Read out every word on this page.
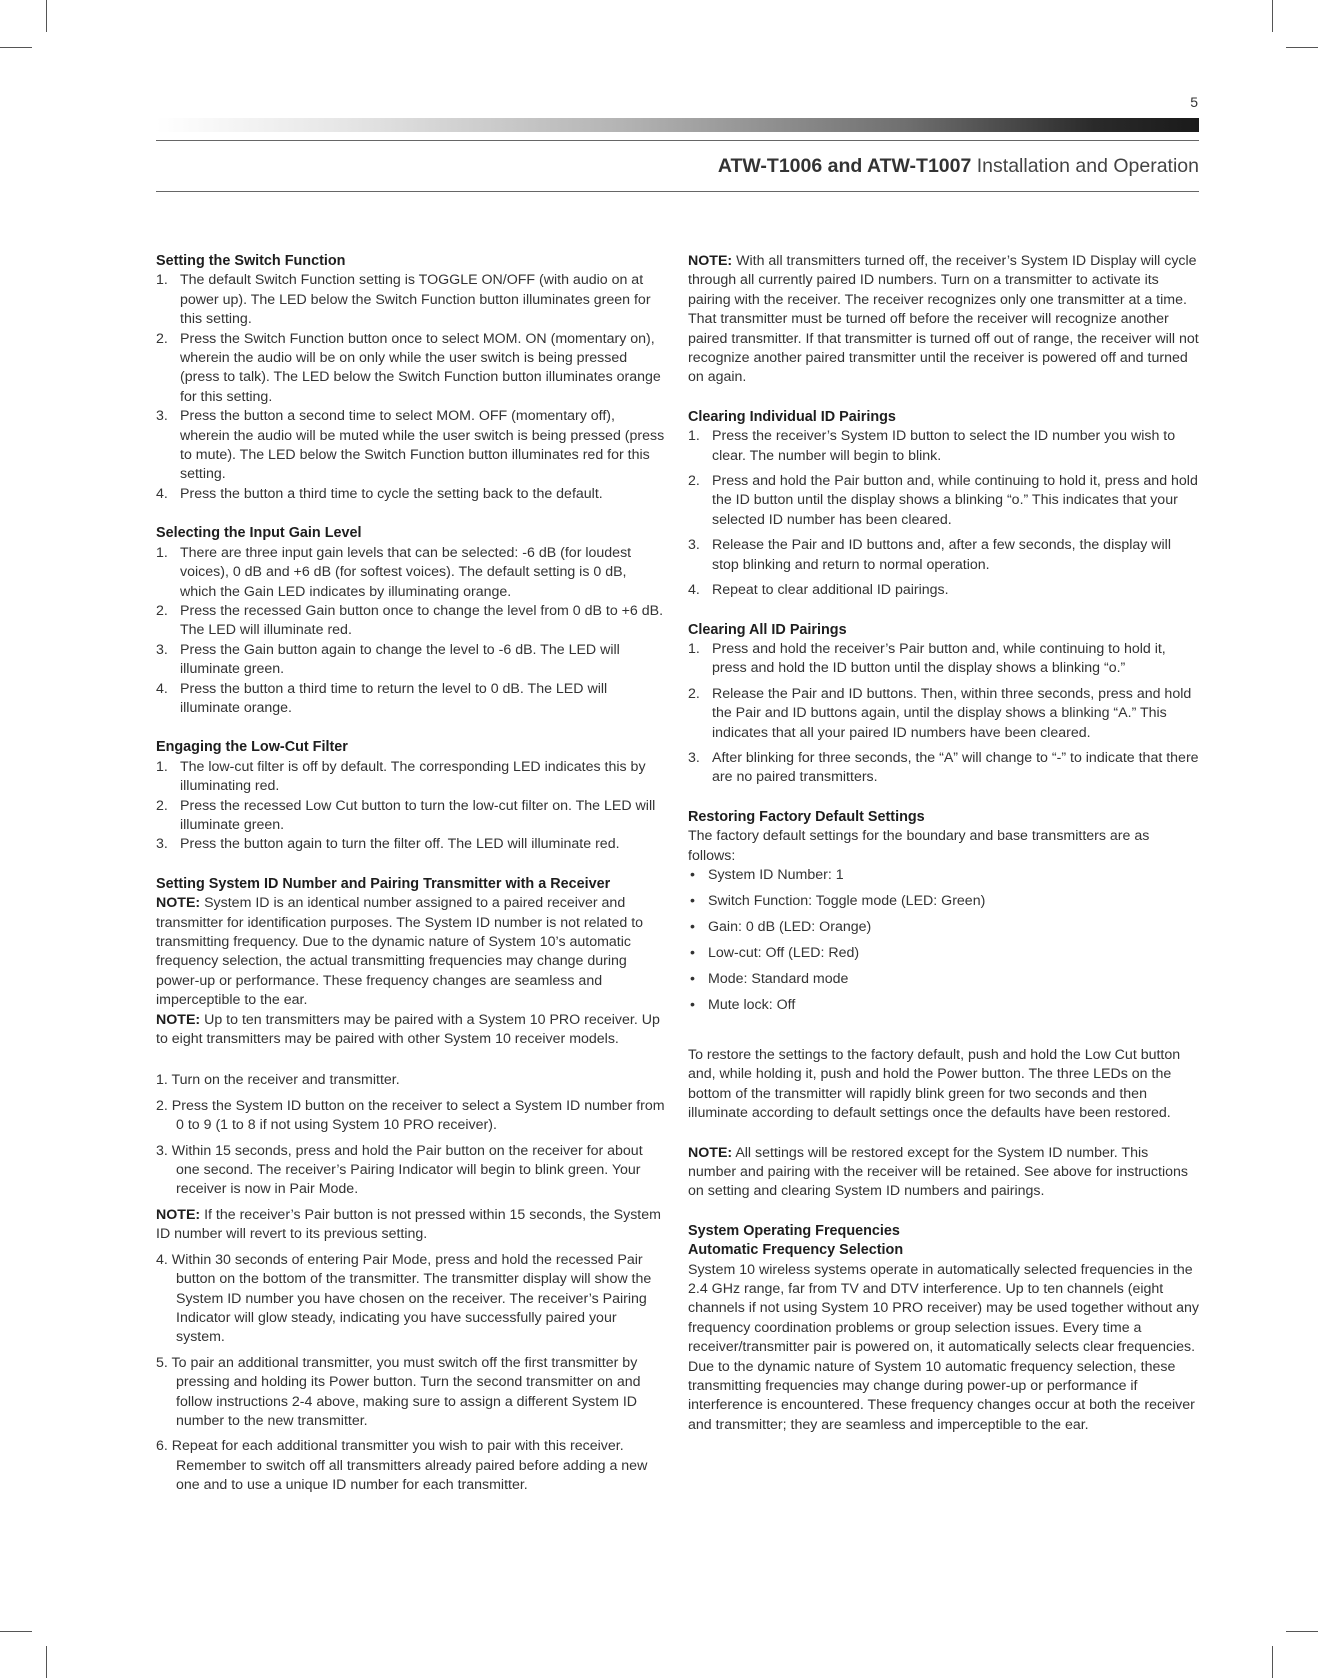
5
ATW-T1006 and ATW-T1007 Installation and Operation
Setting the Switch Function
1. The default Switch Function setting is TOGGLE ON/OFF (with audio on at power up). The LED below the Switch Function button illuminates green for this setting.
2. Press the Switch Function button once to select MOM. ON (momentary on), wherein the audio will be on only while the user switch is being pressed (press to talk). The LED below the Switch Function button illuminates orange for this setting.
3. Press the button a second time to select MOM. OFF (momentary off), wherein the audio will be muted while the user switch is being pressed (press to mute). The LED below the Switch Function button illuminates red for this setting.
4. Press the button a third time to cycle the setting back to the default.
Selecting the Input Gain Level
1. There are three input gain levels that can be selected: -6 dB (for loudest voices), 0 dB and +6 dB (for softest voices). The default setting is 0 dB, which the Gain LED indicates by illuminating orange.
2. Press the recessed Gain button once to change the level from 0 dB to +6 dB. The LED will illuminate red.
3. Press the Gain button again to change the level to -6 dB. The LED will illuminate green.
4. Press the button a third time to return the level to 0 dB. The LED will illuminate orange.
Engaging the Low-Cut Filter
1. The low-cut filter is off by default. The corresponding LED indicates this by illuminating red.
2. Press the recessed Low Cut button to turn the low-cut filter on. The LED will illuminate green.
3. Press the button again to turn the filter off. The LED will illuminate red.
Setting System ID Number and Pairing Transmitter with a Receiver

NOTE: System ID is an identical number assigned to a paired receiver and transmitter for identification purposes. The System ID number is not related to transmitting frequency. Due to the dynamic nature of System 10’s automatic frequency selection, the actual transmitting frequencies may change during power-up or performance. These frequency changes are seamless and imperceptible to the ear.

NOTE: Up to ten transmitters may be paired with a System 10 PRO receiver. Up to eight transmitters may be paired with other System 10 receiver models.

1. Turn on the receiver and transmitter.
2. Press the System ID button on the receiver to select a System ID number from 0 to 9 (1 to 8 if not using System 10 PRO receiver).
3. Within 15 seconds, press and hold the Pair button on the receiver for about one second. The receiver’s Pairing Indicator will begin to blink green. Your receiver is now in Pair Mode.

NOTE: If the receiver’s Pair button is not pressed within 15 seconds, the System ID number will revert to its previous setting.

4. Within 30 seconds of entering Pair Mode, press and hold the recessed Pair button on the bottom of the transmitter. The transmitter display will show the System ID number you have chosen on the receiver. The receiver’s Pairing Indicator will glow steady, indicating you have successfully paired your system.
5. To pair an additional transmitter, you must switch off the first transmitter by pressing and holding its Power button. Turn the second transmitter on and follow instructions 2-4 above, making sure to assign a different System ID number to the new transmitter.
6. Repeat for each additional transmitter you wish to pair with this receiver. Remember to switch off all transmitters already paired before adding a new one and to use a unique ID number for each transmitter.

NOTE: With all transmitters turned off, the receiver’s System ID Display will cycle through all currently paired ID numbers. Turn on a transmitter to activate its pairing with the receiver. The receiver recognizes only one transmitter at a time. That transmitter must be turned off before the receiver will recognize another paired transmitter. If that transmitter is turned off out of range, the receiver will not recognize another paired transmitter until the receiver is powered off and turned on again.

Clearing Individual ID Pairings
1. Press the receiver’s System ID button to select the ID number you wish to clear. The number will begin to blink.
2. Press and hold the Pair button and, while continuing to hold it, press and hold the ID button until the display shows a blinking “o.” This indicates that your selected ID number has been cleared.
3. Release the Pair and ID buttons and, after a few seconds, the display will stop blinking and return to normal operation.
4. Repeat to clear additional ID pairings.
Clearing All ID Pairings
1. Press and hold the receiver’s Pair button and, while continuing to hold it, press and hold the ID button until the display shows a blinking “o.”
2. Release the Pair and ID buttons. Then, within three seconds, press and hold the Pair and ID buttons again, until the display shows a blinking “A.” This indicates that all your paired ID numbers have been cleared.
3. After blinking for three seconds, the “A” will change to “-” to indicate that there are no paired transmitters.
Restoring Factory Default Settings

The factory default settings for the boundary and base transmitters are as follows:

• System ID Number: 1
• Switch Function: Toggle mode (LED: Green)
• Gain: 0 dB (LED: Orange)
• Low-cut: Off (LED: Red)
• Mode: Standard mode
• Mute lock: Off

To restore the settings to the factory default, push and hold the Low Cut button and, while holding it, push and hold the Power button. The three LEDs on the bottom of the transmitter will rapidly blink green for two seconds and then illuminate according to default settings once the defaults have been restored.

NOTE: All settings will be restored except for the System ID number. This number and pairing with the receiver will be retained. See above for instructions on setting and clearing System ID numbers and pairings.

System Operating Frequencies
Automatic Frequency Selection

System 10 wireless systems operate in automatically selected frequencies in the 2.4 GHz range, far from TV and DTV interference. Up to ten channels (eight channels if not using System 10 PRO receiver) may be used together without any frequency coordination problems or group selection issues. Every time a receiver/transmitter pair is powered on, it automatically selects clear frequencies. Due to the dynamic nature of System 10 automatic frequency selection, these transmitting frequencies may change during power-up or performance if interference is encountered. These frequency changes occur at both the receiver and transmitter; they are seamless and imperceptible to the ear.
